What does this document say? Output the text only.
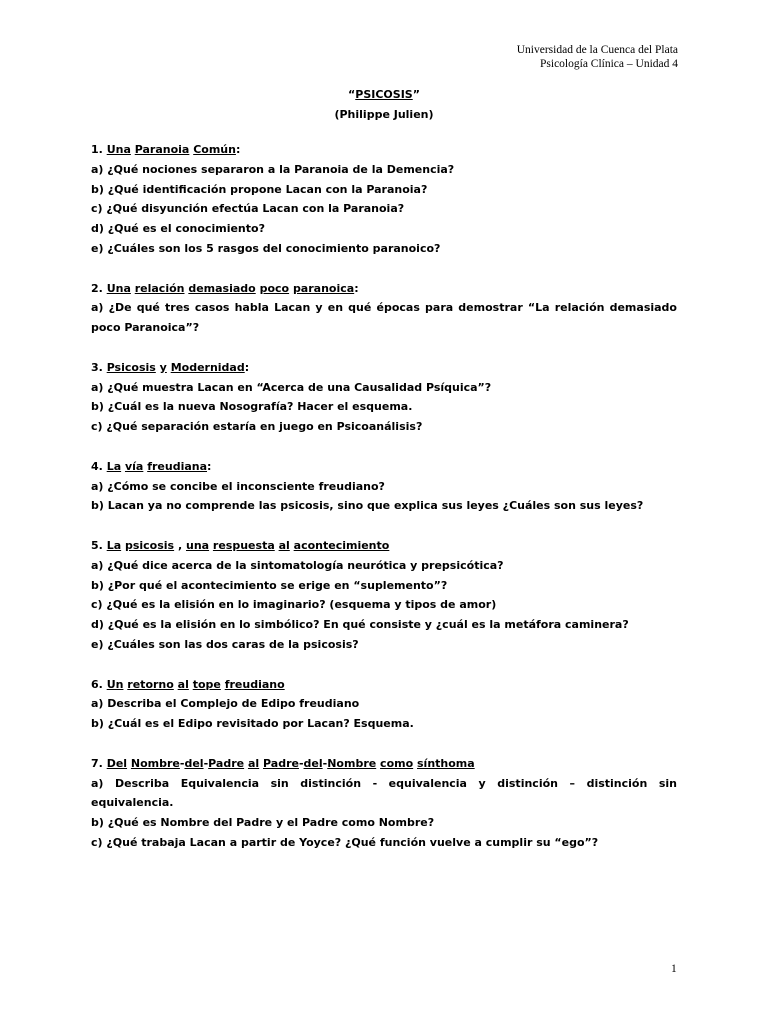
Universidad de la Cuenca del Plata
Psicología Clínica – Unidad 4
“PSICOSIS”
(Philippe Julien)
1. Una Paranoia Común:
a) ¿Qué nociones separaron a la Paranoia de la Demencia?
b) ¿Qué identificación propone Lacan con la Paranoia?
c) ¿Qué disyunción efectúa Lacan con la Paranoia?
d) ¿Qué es el conocimiento?
e) ¿Cuáles son los 5 rasgos del conocimiento paranoico?
2. Una relación demasiado poco paranoica:
a) ¿De qué tres casos habla Lacan y en qué épocas para demostrar “La relación demasiado poco Paranoica”?
3. Psicosis y Modernidad:
a) ¿Qué muestra Lacan en “Acerca de una Causalidad Psíquica”?
b) ¿Cuál es la nueva Nosografía? Hacer el esquema.
c) ¿Qué separación estaría en juego en Psicoanálisis?
4. La vía freudiana:
a) ¿Cómo se concibe el inconsciente freudiano?
b) Lacan ya no comprende las psicosis, sino que explica sus leyes ¿Cuáles son sus leyes?
5. La psicosis , una respuesta al acontecimiento
a) ¿Qué dice acerca de la sintomatología neurótica y prepsicótica?
b) ¿Por qué el acontecimiento se erige en “suplemento”?
c) ¿Qué es la elisión en lo imaginario? (esquema y tipos de amor)
d) ¿Qué es la elisión en lo simbólico? En qué consiste y ¿cuál es la metáfora caminera?
e) ¿Cuáles son las dos caras de la psicosis?
6. Un retorno al tope freudiano
a) Describa el Complejo de Edipo freudiano
b) ¿Cuál es el Edipo revisitado por Lacan? Esquema.
7. Del Nombre-del-Padre al Padre-del-Nombre como sínthoma
a) Describa Equivalencia sin distinción - equivalencia y distinción – distinción sin equivalencia.
b) ¿Qué es Nombre del Padre y el Padre como Nombre?
c) ¿Qué trabaja Lacan a partir de Yoyce? ¿Qué función vuelve a cumplir su “ego”?
1
